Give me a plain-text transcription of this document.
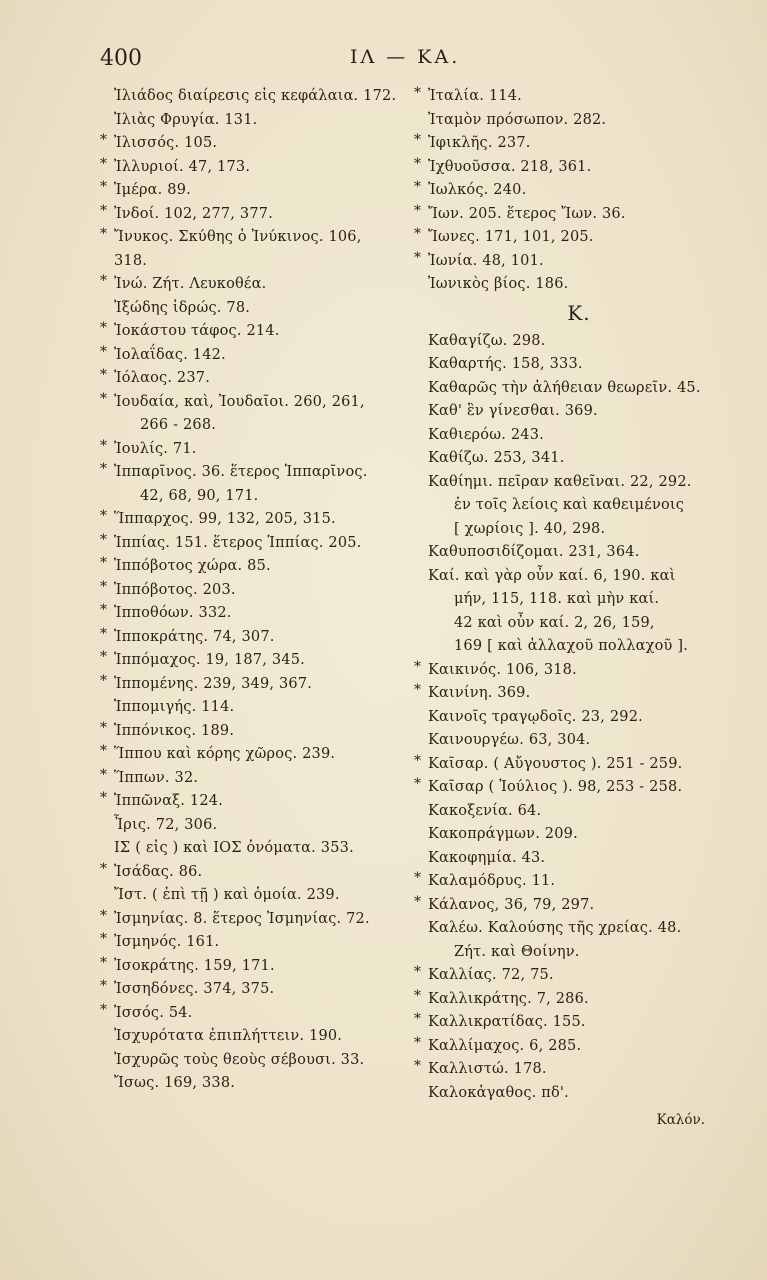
400	ΙΛ — ΚΑ.
Ἰλιάδος διαίρεσις εἰς κεφάλαια. 172.
Ἰλιὰς Φρυγία. 131.
* Ἰλισσός. 105.
* Ἰλλυριοί. 47, 173.
* Ἱμέρα. 89.
* Ἰνδοί. 102, 277, 377.
* Ἴνυκος. Σκύθης ὁ Ἰνύκινος. 106,
318.
* Ἰνώ. Ζήτ. Λευκοθέα.
Ἰξώδης ἱδρώς. 78.
* Ἰοκάστου τάφος. 214.
* Ἰολαΐδας. 142.
* Ἰόλαος. 237.
* Ἰουδαία, καὶ, Ἰουδαῖοι. 260, 261,
266 - 268.
* Ἰουλίς. 71.
* Ἱππαρῖνος. 36. ἕτερος Ἱππαρῖνος.
42, 68, 90, 171.
* Ἵππαρχος. 99, 132, 205, 315.
* Ἱππίας. 151. ἕτερος Ἱππίας. 205.
* Ἱππόβοτος χώρα. 85.
* Ἱππόβοτος. 203.
* Ἱπποθόων. 332.
* Ἱπποκράτης. 74, 307.
* Ἱππόμαχος. 19, 187, 345.
* Ἱππομένης. 239, 349, 367.
Ἱππομιγής. 114.
* Ἱππόνικος. 189.
* Ἵππου καὶ κόρης χῶρος. 239.
* Ἵππων. 32.
* Ἱππῶναξ. 124.
Ἶρις. 72, 306.
ΙΣ ( εἰς ) καὶ ΙΟΣ ὀνόματα. 353.
* Ἰσάδας. 86.
Ἴστ. ( ἐπὶ τῇ ) καὶ ὁμοία. 239.
* Ἰσμηνίας. 8. ἕτερος Ἰσμηνίας. 72.
* Ἰσμηνός. 161.
* Ἰσοκράτης. 159, 171.
* Ἰσσηδόνες. 374, 375.
* Ἰσσός. 54.
Ἰσχυρότατα ἐπιπλήττειν. 190.
Ἰσχυρῶς τοὺς θεοὺς σέβουσι. 33.
Ἴσως. 169, 338.
* Ἰταλία. 114.
Ἰταμὸν πρόσωπον. 282.
* Ἰφικλῆς. 237.
* Ἰχθυοῦσσα. 218, 361.
* Ἰωλκός. 240.
* Ἴων. 205. ἕτερος Ἴων. 36.
* Ἴωνες. 171, 101, 205.
* Ἰωνία. 48, 101.
Ἰωνικὸς βίος. 186.
Κ.
Καθαγίζω. 298.
Καθαρτής. 158, 333.
Καθαρῶς τὴν ἀλήθειαν θεωρεῖν. 45.
Καθ' ἓν γίνεσθαι. 369.
Καθιερόω. 243.
Καθίζω. 253, 341.
Καθίημι. πεῖραν καθεῖναι. 22, 292.
ἐν τοῖς λείοις καὶ καθειμένοις
[ χωρίοις ]. 40, 298.
Καθυποσιδίζομαι. 231, 364.
Καί. καὶ γὰρ οὖν καί. 6, 190. καὶ
μήν, 115, 118. καὶ μὴν καί.
42 καὶ οὖν καί. 2, 26, 159,
169 [ καὶ ἀλλαχοῦ πολλαχοῦ ].
* Καικινός. 106, 318.
* Καινίνη. 369.
Καινοῖς τραγῳδοῖς. 23, 292.
Καινουργέω. 63, 304.
* Καῖσαρ. ( Αὔγουστος ). 251 - 259.
* Καῖσαρ ( Ἰούλιος ). 98, 253 - 258.
Κακοξενία. 64.
Κακοπράγμων. 209.
Κακοφημία. 43.
* Καλαμόδρυς. 11.
* Κάλανος, 36, 79, 297.
Καλέω. Καλούσης τῆς χρείας. 48.
Ζήτ. καὶ Θοίνην.
* Καλλίας. 72, 75.
* Καλλικράτης. 7, 286.
* Καλλικρατίδας. 155.
* Καλλίμαχος. 6, 285.
* Καλλιστώ. 178.
Καλοκἀγαθος. πδ'.
Καλόν.
